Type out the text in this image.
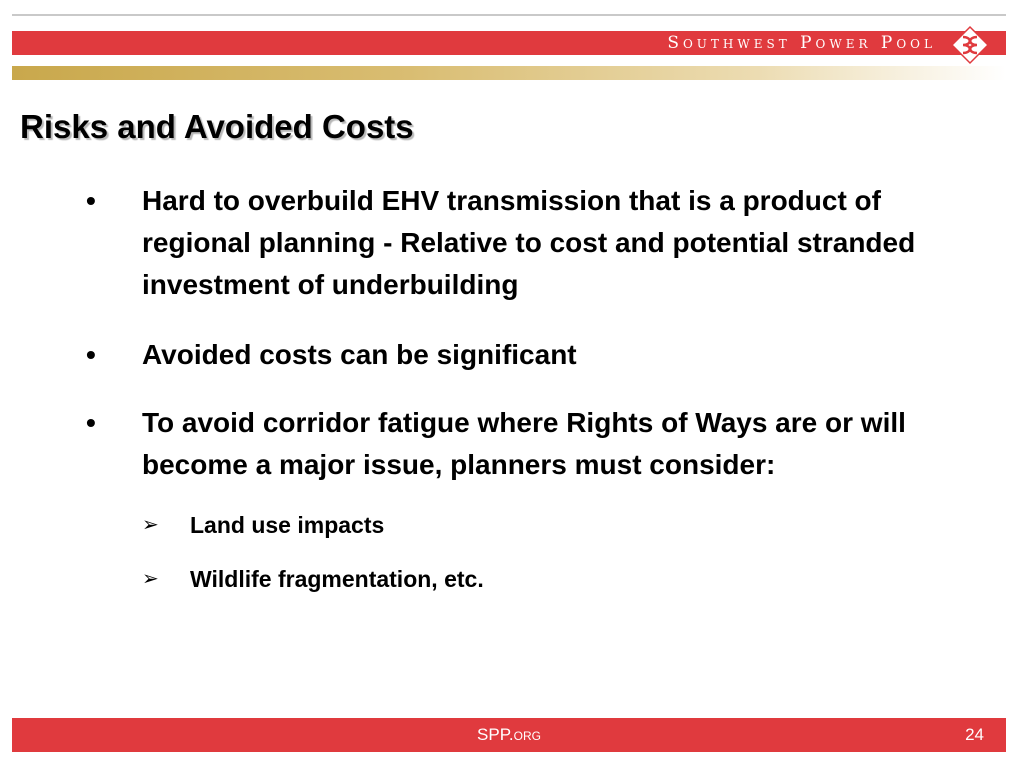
Southwest Power Pool
Risks and Avoided Costs
•	Hard to overbuild EHV transmission that is a product of regional planning - Relative to cost and potential stranded investment of underbuilding
•	Avoided costs can be significant
•	To avoid corridor fatigue where Rights of Ways are or will become a major issue, planners must consider:
➢	Land use impacts
➢	Wildlife fragmentation, etc.
SPP.org	24
